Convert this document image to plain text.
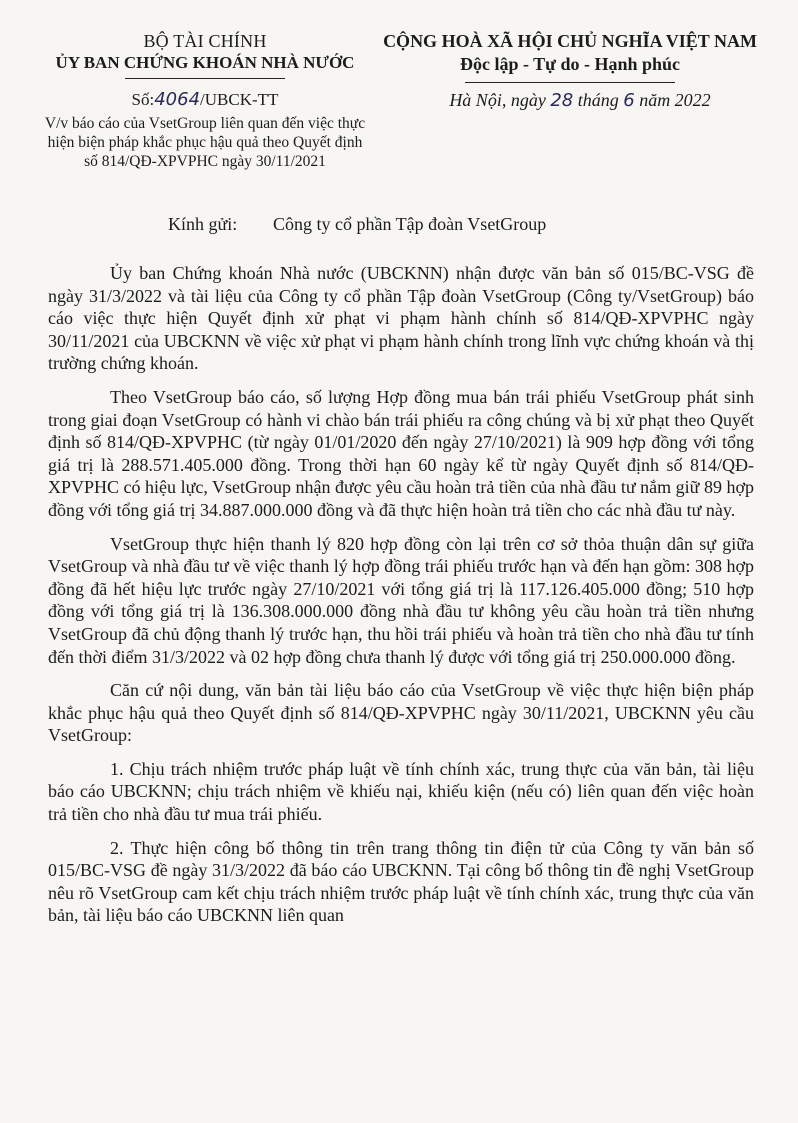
BỘ TÀI CHÍNH
ỦY BAN CHỨNG KHOÁN NHÀ NƯỚC
CỘNG HOÀ XÃ HỘI CHỦ NGHĨA VIỆT NAM
Độc lập - Tự do - Hạnh phúc
Số:4064/UBCK-TT
V/v báo cáo của VsetGroup liên quan đến việc thực hiện biện pháp khắc phục hậu quả theo Quyết định số 814/QĐ-XPVPHC ngày 30/11/2021
Hà Nội, ngày 28 tháng 6 năm 2022
Kính gửi: Công ty cổ phần Tập đoàn VsetGroup

Ủy ban Chứng khoán Nhà nước (UBCKNN) nhận được văn bản số 015/BC-VSG đề ngày 31/3/2022 và tài liệu của Công ty cổ phần Tập đoàn VsetGroup (Công ty/VsetGroup) báo cáo việc thực hiện Quyết định xử phạt vi phạm hành chính số 814/QĐ-XPVPHC ngày 30/11/2021 của UBCKNN về việc xử phạt vi phạm hành chính trong lĩnh vực chứng khoán và thị trường chứng khoán.

Theo VsetGroup báo cáo, số lượng Hợp đồng mua bán trái phiếu VsetGroup phát sinh trong giai đoạn VsetGroup có hành vi chào bán trái phiếu ra công chúng và bị xử phạt theo Quyết định số 814/QĐ-XPVPHC (từ ngày 01/01/2020 đến ngày 27/10/2021) là 909 hợp đồng với tổng giá trị là 288.571.405.000 đồng. Trong thời hạn 60 ngày kể từ ngày Quyết định số 814/QĐ-XPVPHC có hiệu lực, VsetGroup nhận được yêu cầu hoàn trả tiền của nhà đầu tư nắm giữ 89 hợp đồng với tổng giá trị 34.887.000.000 đồng và đã thực hiện hoàn trả tiền cho các nhà đầu tư này.

VsetGroup thực hiện thanh lý 820 hợp đồng còn lại trên cơ sở thỏa thuận dân sự giữa VsetGroup và nhà đầu tư về việc thanh lý hợp đồng trái phiếu trước hạn và đến hạn gồm: 308 hợp đồng đã hết hiệu lực trước ngày 27/10/2021 với tổng giá trị là 117.126.405.000 đồng; 510 hợp đồng với tổng giá trị là 136.308.000.000 đồng nhà đầu tư không yêu cầu hoàn trả tiền nhưng VsetGroup đã chủ động thanh lý trước hạn, thu hồi trái phiếu và hoàn trả tiền cho nhà đầu tư tính đến thời điểm 31/3/2022 và 02 hợp đồng chưa thanh lý được với tổng giá trị 250.000.000 đồng.

Căn cứ nội dung, văn bản tài liệu báo cáo của VsetGroup về việc thực hiện biện pháp khắc phục hậu quả theo Quyết định số 814/QĐ-XPVPHC ngày 30/11/2021, UBCKNN yêu cầu VsetGroup:

1. Chịu trách nhiệm trước pháp luật về tính chính xác, trung thực của văn bản, tài liệu báo cáo UBCKNN; chịu trách nhiệm về khiếu nại, khiếu kiện (nếu có) liên quan đến việc hoàn trả tiền cho nhà đầu tư mua trái phiếu.

2. Thực hiện công bố thông tin trên trang thông tin điện tử của Công ty văn bản số 015/BC-VSG đề ngày 31/3/2022 đã báo cáo UBCKNN. Tại công bố thông tin đề nghị VsetGroup nêu rõ VsetGroup cam kết chịu trách nhiệm trước pháp luật về tính chính xác, trung thực của văn bản, tài liệu báo cáo UBCKNN liên quan
